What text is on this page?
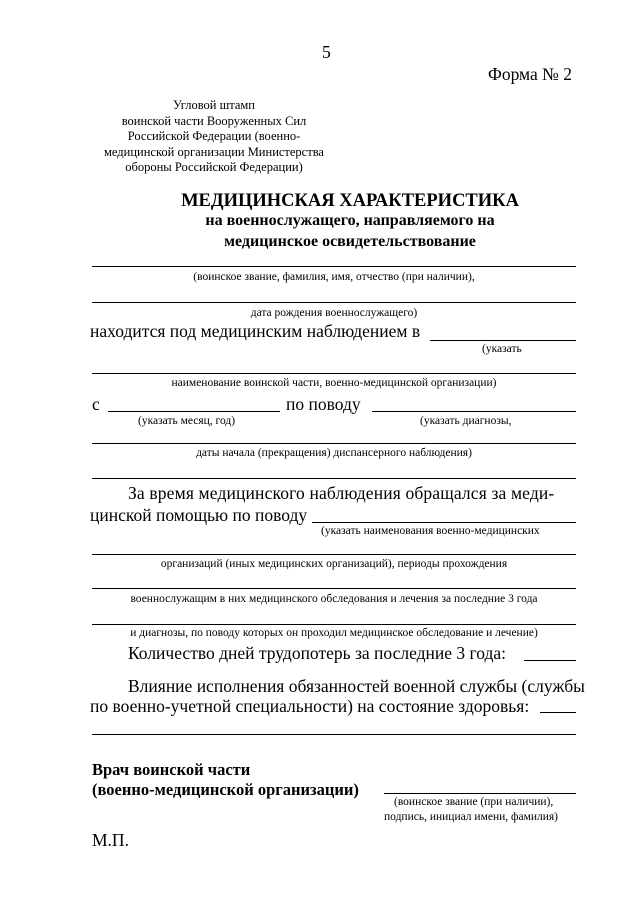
5
Форма № 2
Угловой штамп
воинской части Вооруженных Сил
Российской Федерации (военно-
медицинской организации Министерства
обороны Российской Федерации)
МЕДИЦИНСКАЯ ХАРАКТЕРИСТИКА
на военнослужащего, направляемого на
медицинское освидетельствование
(воинское звание, фамилия, имя, отчество (при наличии),
дата рождения военнослужащего)
находится под медицинским наблюдением в
(указать
наименование воинской части, военно-медицинской организации)
с	по поводу
(указать месяц, год)	(указать диагнозы,
даты начала (прекращения) диспансерного наблюдения)
За время медицинского наблюдения обращался за меди-
цинской помощью по поводу
(указать наименования военно-медицинских
организаций (иных медицинских организаций), периоды прохождения
военнослужащим в них медицинского обследования и лечения за последние 3 года
и диагнозы, по поводу которых он проходил медицинское обследование и лечение)
Количество дней трудопотерь за последние 3 года:
Влияние исполнения обязанностей военной службы (службы
по военно-учетной специальности) на состояние здоровья:
Врач воинской части
(военно-медицинской организации)
(воинское звание (при наличии),
подпись, инициал имени, фамилия)
М.П.
